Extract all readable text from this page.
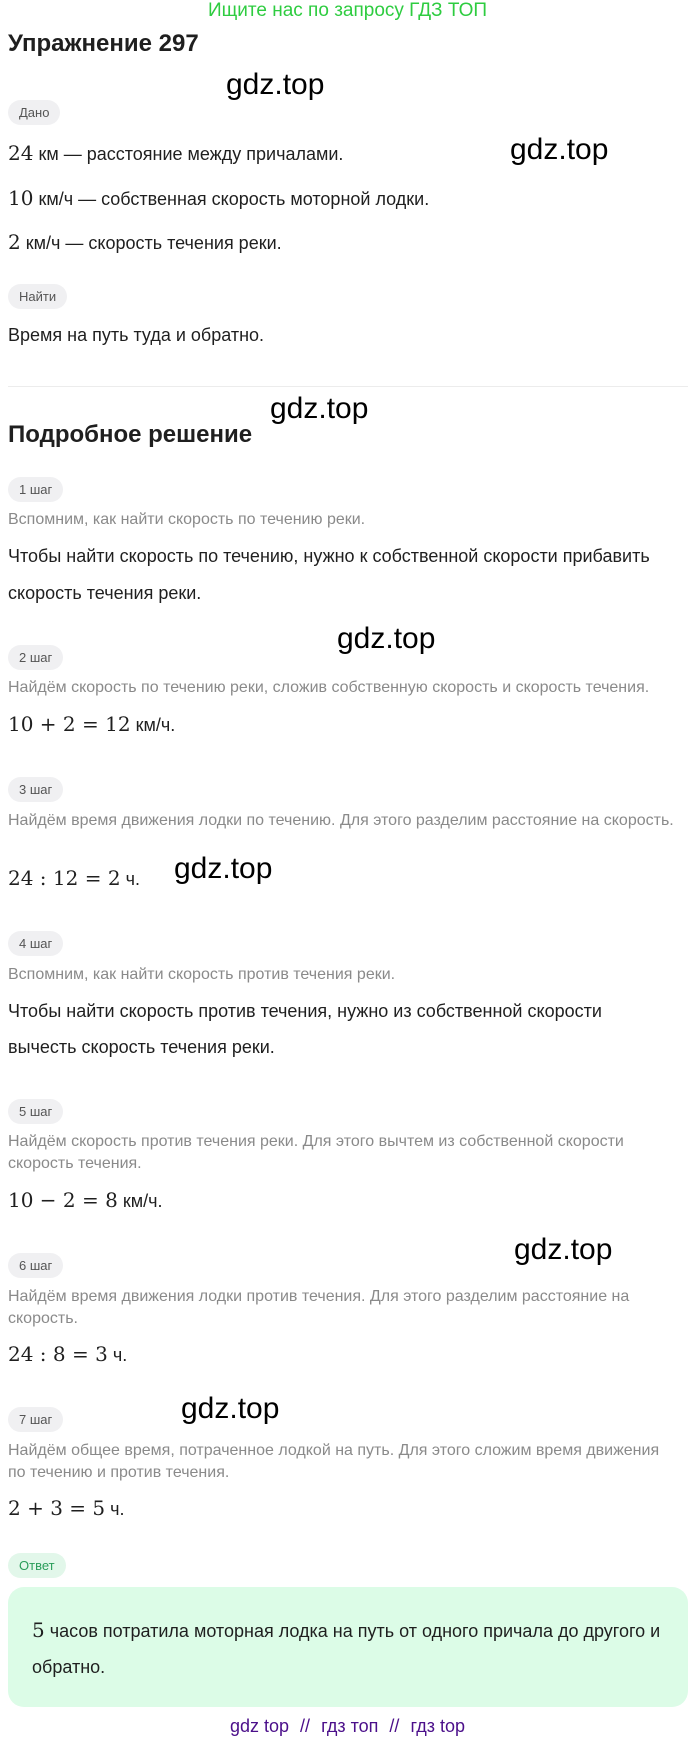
Ищите нас по запросу ГДЗ ТОП
Упражнение 297
gdz.top
gdz.top
gdz.top
gdz.top
gdz.top
gdz.top
gdz.top
Дано
24 км — расстояние между причалами.
10 км/ч — собственная скорость моторной лодки.
2 км/ч — скорость течения реки.
Найти
Время на путь туда и обратно.
Подробное решение
1 шаг
Вспомним, как найти скорость по течению реки.
Чтобы найти скорость по течению, нужно к собственной скорости прибавить
скорость течения реки.
2 шаг
Найдём скорость по течению реки, сложив собственную скорость и скорость течения.
10 + 2 = 12 км/ч.
3 шаг
Найдём время движения лодки по течению. Для этого разделим расстояние на скорость.
24 : 12 = 2 ч.
4 шаг
Вспомним, как найти скорость против течения реки.
Чтобы найти скорость против течения, нужно из собственной скорости
вычесть скорость течения реки.
5 шаг
Найдём скорость против течения реки. Для этого вычтем из собственной скорости скорость течения.
10 − 2 = 8 км/ч.
6 шаг
Найдём время движения лодки против течения. Для этого разделим расстояние на скорость.
24 : 8 = 3 ч.
7 шаг
Найдём общее время, потраченное лодкой на путь. Для этого сложим время движения по течению и против течения.
2 + 3 = 5 ч.
Ответ
5 часов потратила моторная лодка на путь от одного причала до другого и обратно.
gdz top // гдз топ // гдз top
